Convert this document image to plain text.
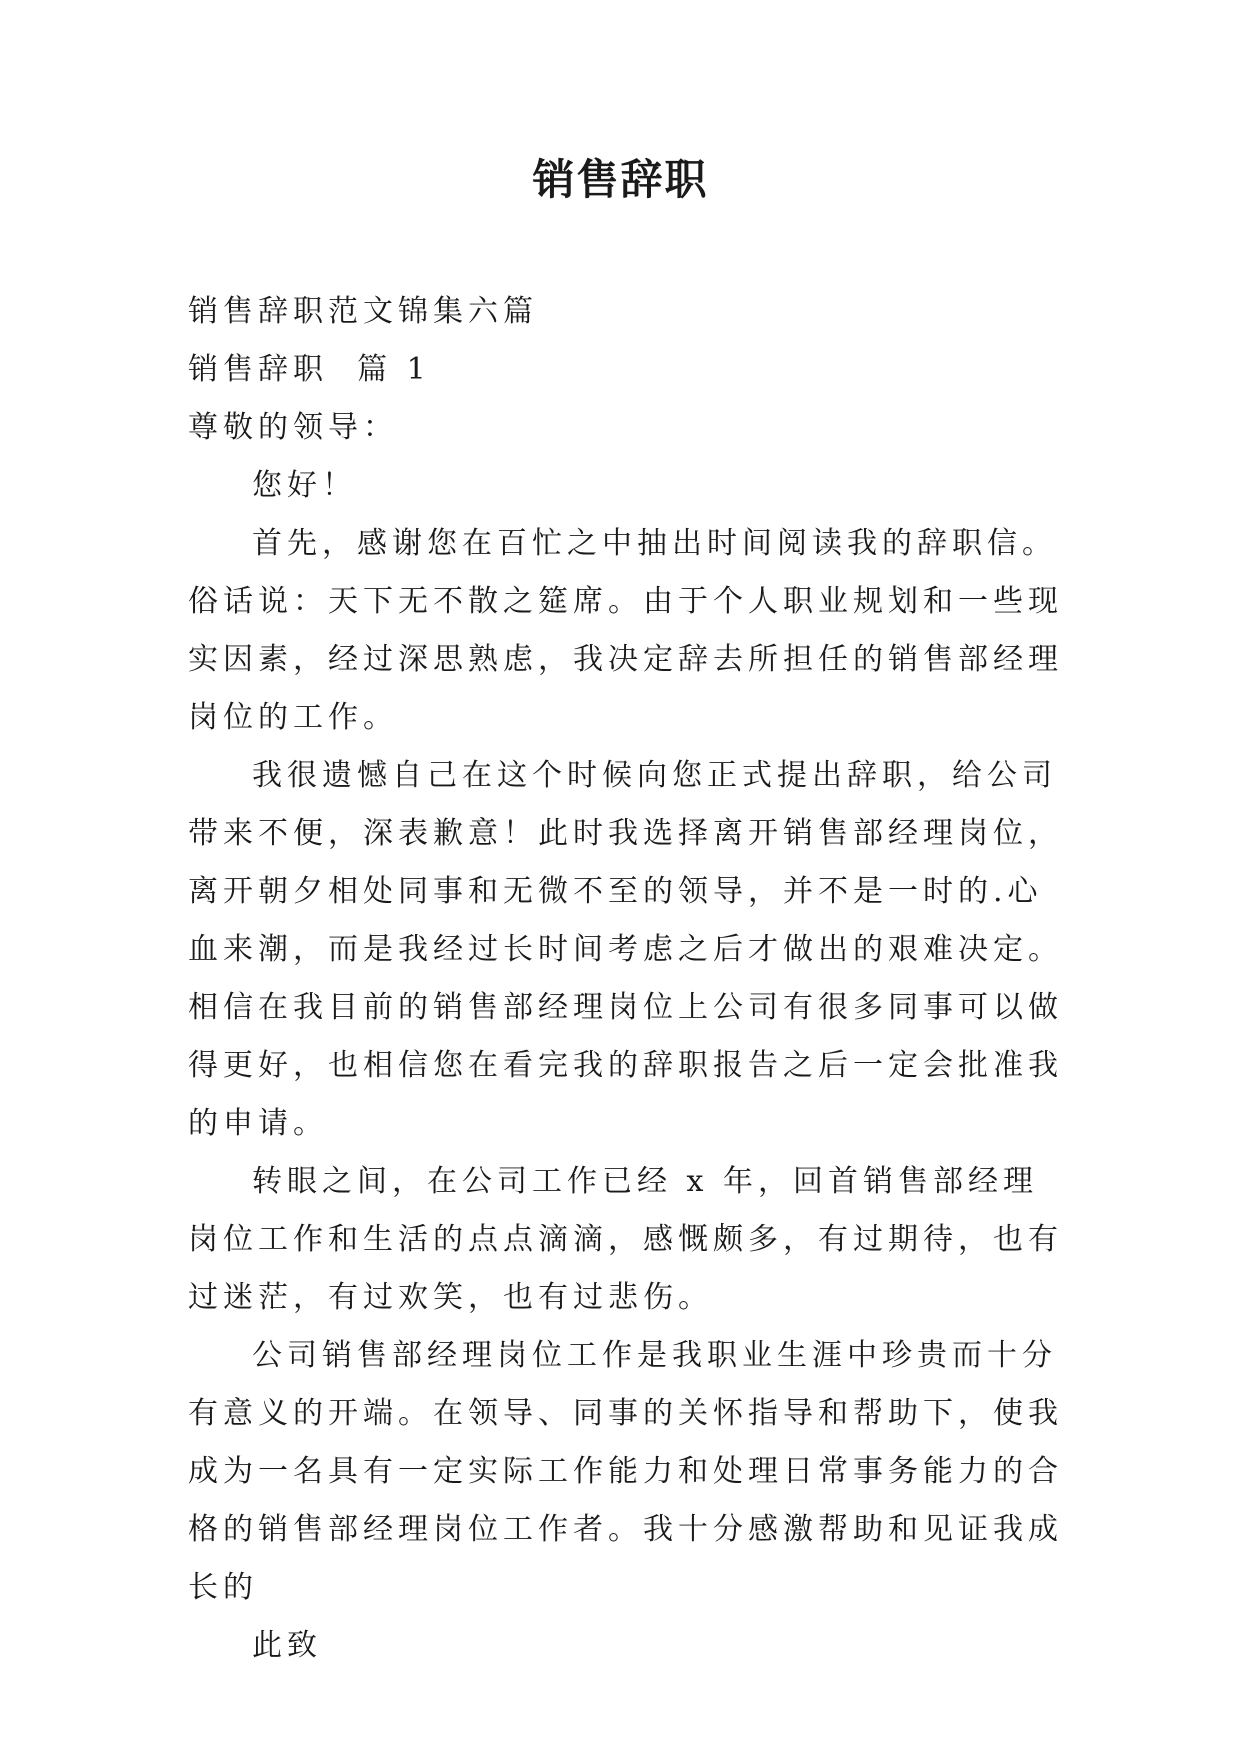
销售辞职

销售辞职范文锦集六篇

销售辞职  篇 1

尊敬的领导：

您好！

首先，感谢您在百忙之中抽出时间阅读我的辞职信。俗话说：天下无不散之筵席。由于个人职业规划和一些现实因素，经过深思熟虑，我决定辞去所担任的销售部经理岗位的工作。

我很遗憾自己在这个时候向您正式提出辞职，给公司带来不便，深表歉意！此时我选择离开销售部经理岗位，离开朝夕相处同事和无微不至的领导，并不是一时的.心血来潮，而是我经过长时间考虑之后才做出的艰难决定。相信在我目前的销售部经理岗位上公司有很多同事可以做得更好，也相信您在看完我的辞职报告之后一定会批准我的申请。

转眼之间，在公司工作已经 x 年，回首销售部经理岗位工作和生活的点点滴滴，感慨颇多，有过期待，也有过迷茫，有过欢笑，也有过悲伤。

公司销售部经理岗位工作是我职业生涯中珍贵而十分有意义的开端。在领导、同事的关怀指导和帮助下，使我成为一名具有一定实际工作能力和处理日常事务能力的合格的销售部经理岗位工作者。我十分感激帮助和见证我成长的

此致
